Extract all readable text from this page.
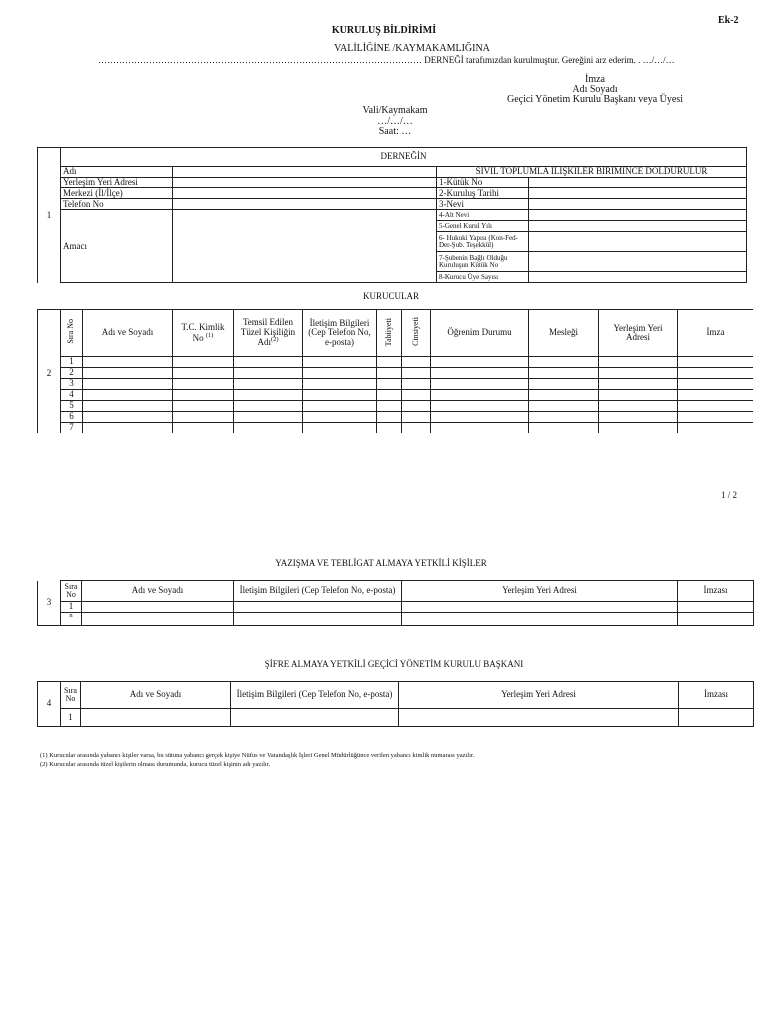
Ek-2
KURULUŞ BİLDİRİMİ
VALİLİĞİNE /KAYMAKAMLIĞINA
……………………………………………………………………………………………… DERNEĞİ tarafımızdan kurulmuştur. Gereğini arz ederim. . …/…/…
İmza
Adı Soyadı
Geçici Yönetim Kurulu Başkanı veya Üyesi
Vali/Kaymakam
…/…/…
Saat: …
1	DERNEĞİN			
	Adı		SİVİL TOPLUMLA İLİŞKİLER BİRİMİNCE DOLDURULUR	
	Yerleşim Yeri Adresi		1-Kütük No	
	Merkezi (İl/İlçe)		2-Kuruluş Tarihi	
	Telefon No		3-Nevi	
	Amacı		4-Alt Nevi	
			5-Genel Kurul Yılı	
			6- Hukuki Yapısı (Kon-Fed-Der-Şub. Teşekkül)	
			7-Şubenin Bağlı Olduğu Kuruluşun Kütük No	
			8-Kurucu Üye Sayısı	
KURUCULAR
2	Sıra No	Adı ve Soyadı	T.C. Kimlik No $^{(1)}$	Temsil Edilen Tüzel Kişiliğin Adı$^{(2)}$	İletişim Bilgileri (Cep Telefon No, e-posta)	Tabiiyeti	Cinsiyeti	Öğrenim Durumu	Mesleği	Yerleşim Yeri Adresi	İmza
	1										
	2										
	3										
	4										
	5										
	6										
	7										
1 / 2
YAZIŞMA VE TEBLİGAT ALMAYA YETKİLİ KİŞİLER
3	Sıra No	Adı ve Soyadı	İletişim Bilgileri (Cep Telefon No, e-posta)	Yerleşim Yeri Adresi	İmzası
	1				
	n				
ŞİFRE ALMAYA YETKİLİ GEÇİCİ YÖNETİM KURULU BAŞKANI
4	Sıra No	Adı ve Soyadı	İletişim Bilgileri (Cep Telefon No, e-posta)	Yerleşim Yeri Adresi	İmzası
	1				
(1) Kurucular arasında yabancı kişiler varsa, bu sütuna yabancı gerçek kişiye Nüfus ve Vatandaşlık İşleri Genel Müdürlüğünce verilen yabancı kimlik numarası yazılır.
(2) Kurucular arasında tüzel kişilerin olması durumunda, kurucu tüzel kişinin adı yazılır.
